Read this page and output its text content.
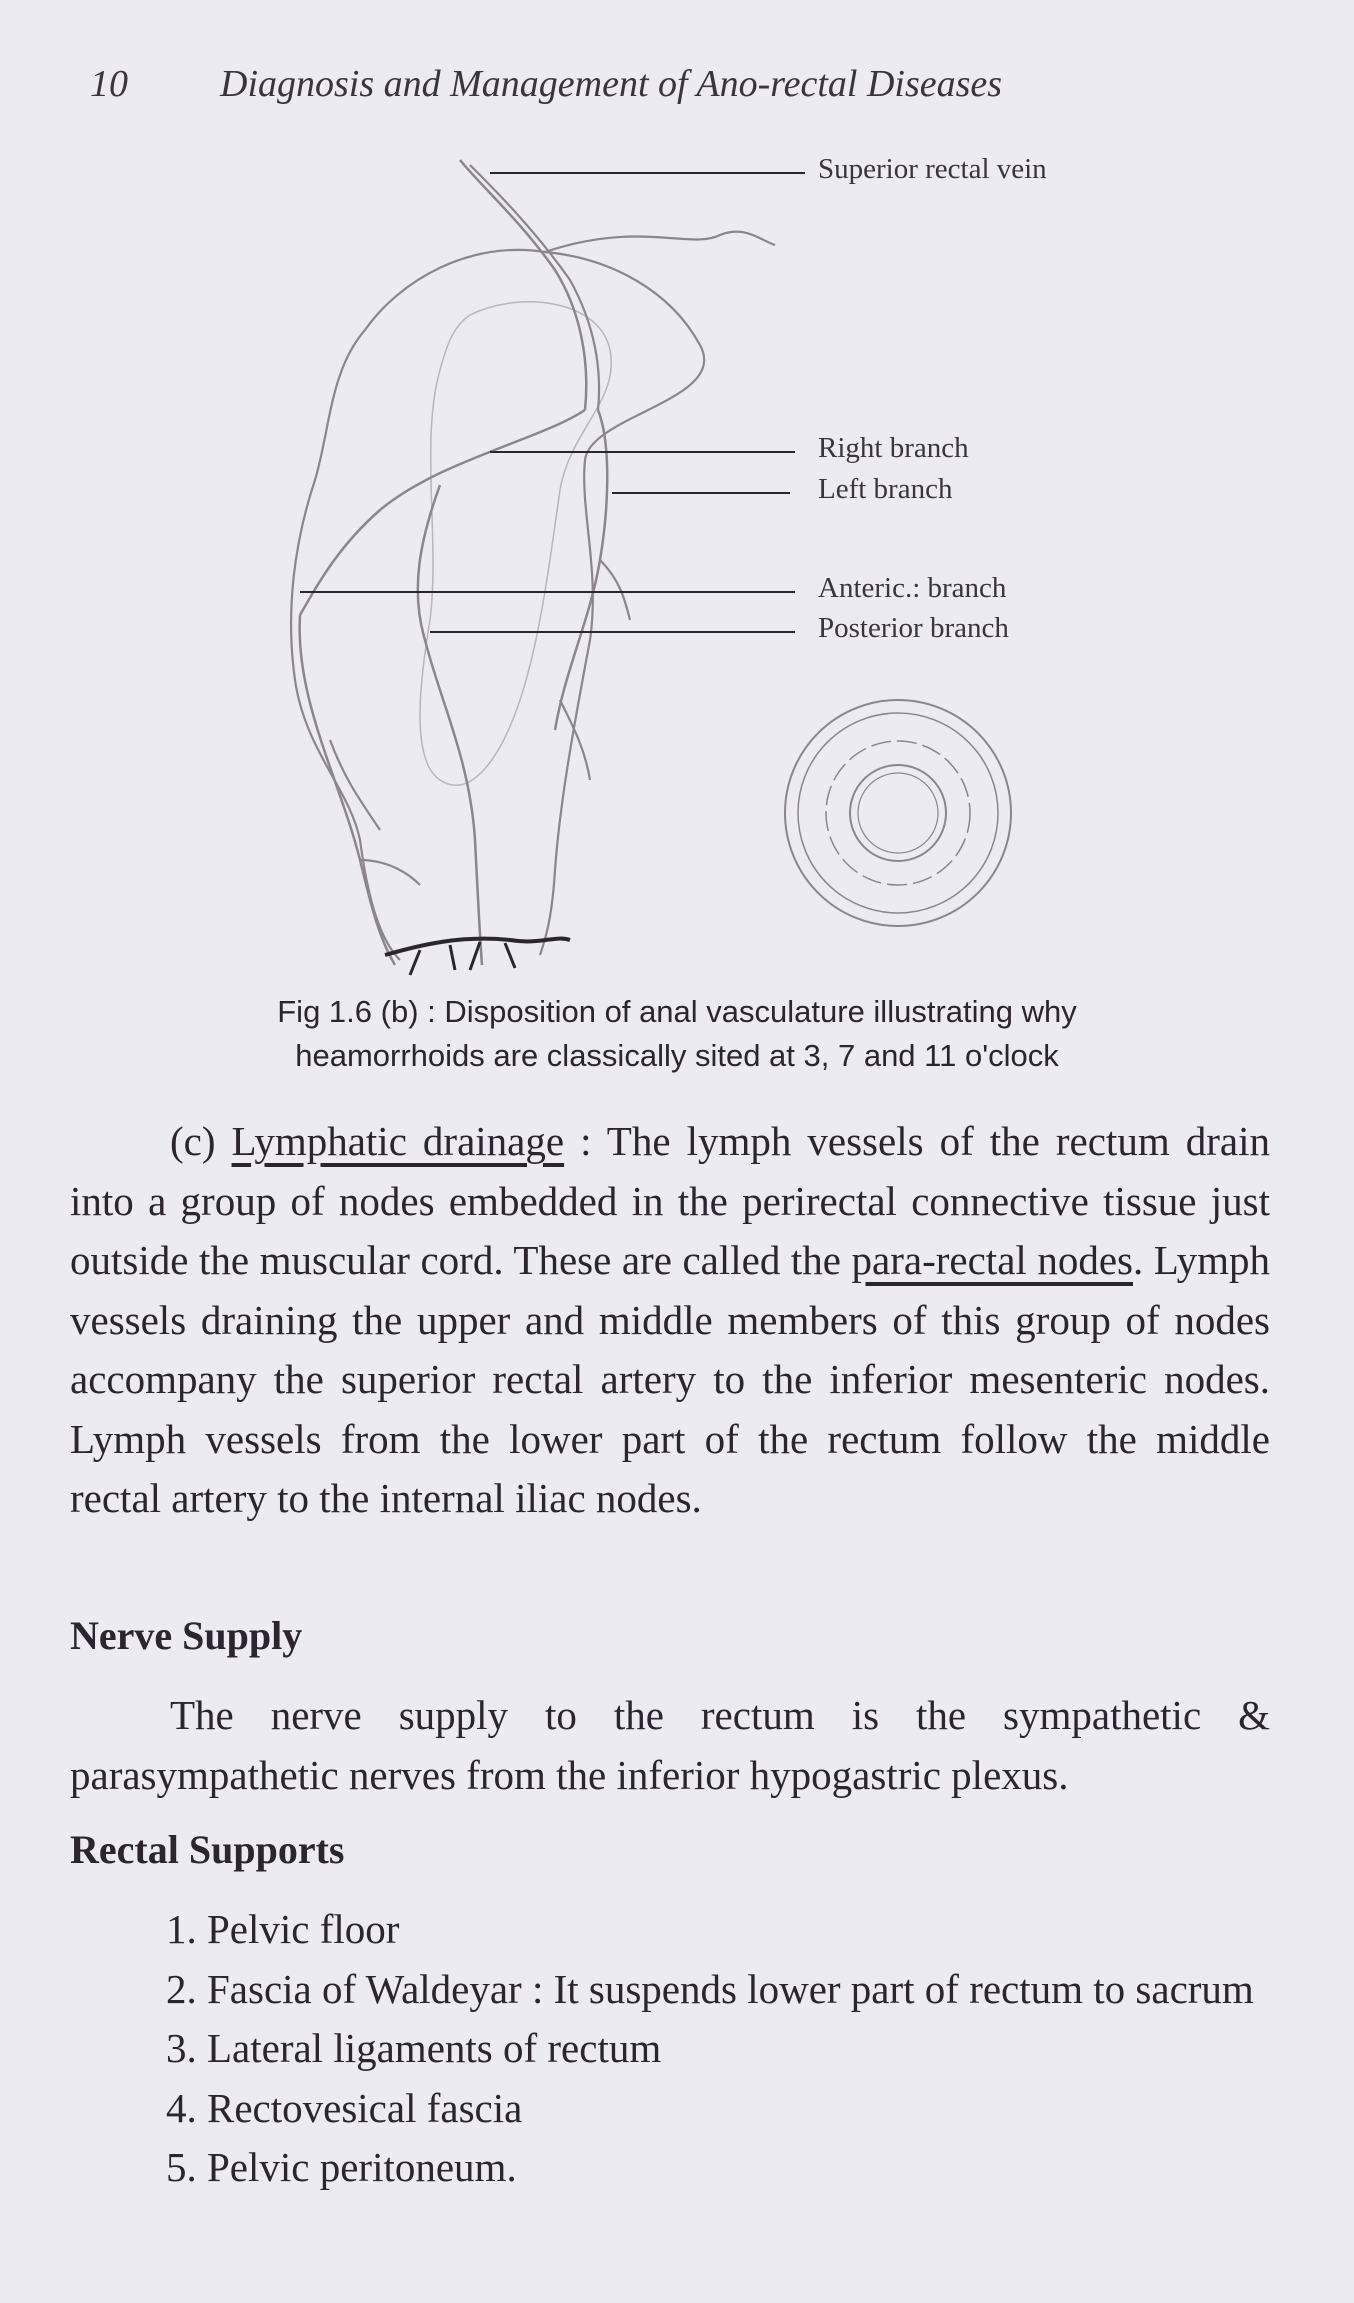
10 Diagnosis and Management of Ano-rectal Diseases
Superior rectal vein
Right branch
Left branch
Anteric.: branch
Posterior branch
Fig 1.6 (b) : Disposition of anal vasculature illustrating why
heamorrhoids are classically sited at 3, 7 and 11 o'clock
(c) Lymphatic drainage : The lymph vessels of the rectum drain into a group of nodes embedded in the perirectal connective tissue just outside the muscular cord. These are called the para-rectal nodes. Lymph vessels draining the upper and middle members of this group of nodes accompany the superior rectal artery to the inferior mesenteric nodes. Lymph vessels from the lower part of the rectum follow the middle rectal artery to the internal iliac nodes.
Nerve Supply
The nerve supply to the rectum is the sympathetic & parasympathetic nerves from the inferior hypogastric plexus.
Rectal Supports
1. Pelvic floor
2. Fascia of Waldeyar : It suspends lower part of rectum to sacrum
3. Lateral ligaments of rectum
4. Rectovesical fascia
5. Pelvic peritoneum.
